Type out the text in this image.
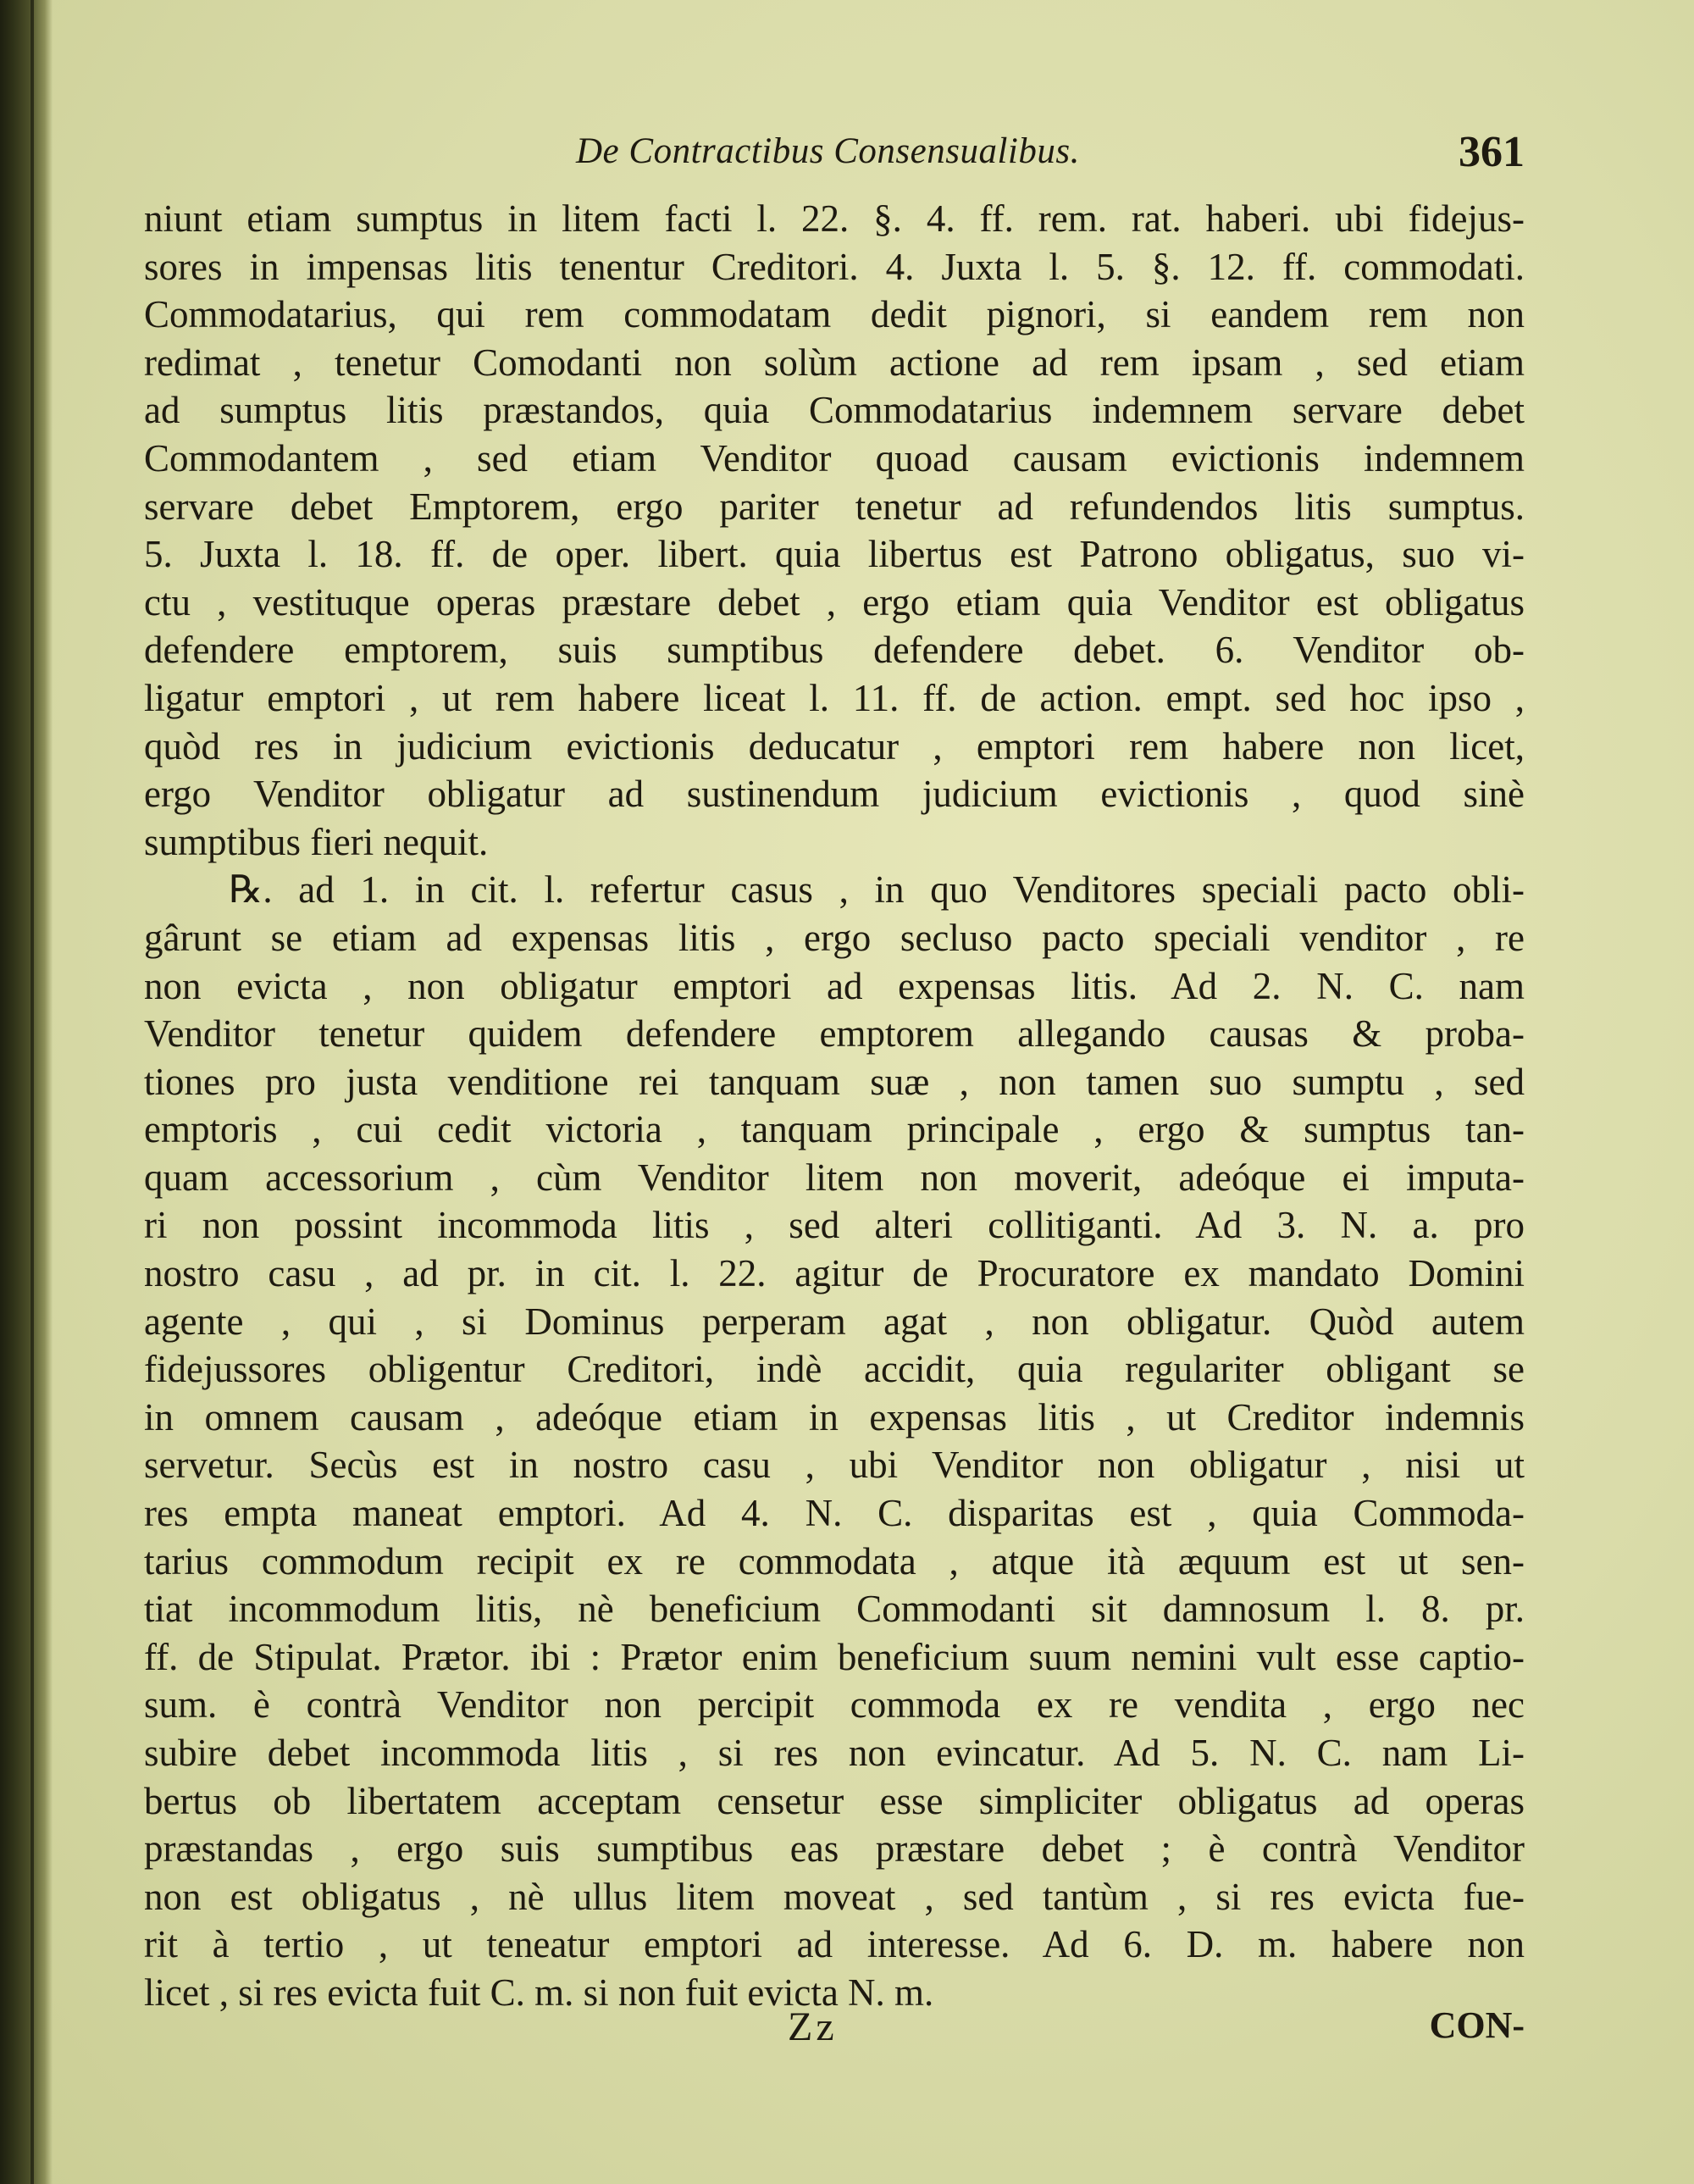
De Contractibus Consensualibus.	361
niunt etiam sumptus in litem facti l. 22. §. 4. ff. rem. rat. haberi. ubi fidejus-
sores in impensas litis tenentur Creditori. 4. Juxta l. 5. §. 12. ff. commodati.
Commodatarius, qui rem commodatam dedit pignori, si eandem rem non
redimat , tenetur Comodanti non solùm actione ad rem ipsam , sed etiam
ad sumptus litis præstandos, quia Commodatarius indemnem servare debet
Commodantem , sed etiam Venditor quoad causam evictionis indemnem
servare debet Emptorem, ergo pariter tenetur ad refundendos litis sumptus.
5. Juxta l. 18. ff. de oper. libert. quia libertus est Patrono obligatus, suo vi-
ctu , vestituque operas præstare debet , ergo etiam quia Venditor est obligatus
defendere emptorem, suis sumptibus defendere debet. 6. Venditor ob-
ligatur emptori , ut rem habere liceat l. 11. ff. de action. empt. sed hoc ipso ,
quòd res in judicium evictionis deducatur , emptori rem habere non licet,
ergo Venditor obligatur ad sustinendum judicium evictionis , quod sinè
sumptibus fieri nequit.
℞. ad 1. in cit. l. refertur casus , in quo Venditores speciali pacto obli-
gârunt se etiam ad expensas litis , ergo secluso pacto speciali venditor , re
non evicta , non obligatur emptori ad expensas litis. Ad 2. N. C. nam
Venditor tenetur quidem defendere emptorem allegando causas & proba-
tiones pro justa venditione rei tanquam suæ , non tamen suo sumptu , sed
emptoris , cui cedit victoria , tanquam principale , ergo & sumptus tan-
quam accessorium , cùm Venditor litem non moverit, adeóque ei imputa-
ri non possint incommoda litis , sed alteri collitiganti. Ad 3. N. a. pro
nostro casu , ad pr. in cit. l. 22. agitur de Procuratore ex mandato Domini
agente , qui , si Dominus perperam agat , non obligatur. Quòd autem
fidejussores obligentur Creditori, indè accidit, quia regulariter obligant se
in omnem causam , adeóque etiam in expensas litis , ut Creditor indemnis
servetur. Secùs est in nostro casu , ubi Venditor non obligatur , nisi ut
res empta maneat emptori. Ad 4. N. C. disparitas est , quia Commoda-
tarius commodum recipit ex re commodata , atque ità æquum est ut sen-
tiat incommodum litis, nè beneficium Commodanti sit damnosum l. 8. pr.
ff. de Stipulat. Prætor. ibi : Prætor enim beneficium suum nemini vult esse captio-
sum. è contrà Venditor non percipit commoda ex re vendita , ergo nec
subire debet incommoda litis , si res non evincatur. Ad 5. N. C. nam Li-
bertus ob libertatem acceptam censetur esse simpliciter obligatus ad operas
præstandas , ergo suis sumptibus eas præstare debet ; è contrà Venditor
non est obligatus , nè ullus litem moveat , sed tantùm , si res evicta fue-
rit à tertio , ut teneatur emptori ad interesse. Ad 6. D. m. habere non
licet , si res evicta fuit C. m. si non fuit evicta N. m.
Zz	CON-
